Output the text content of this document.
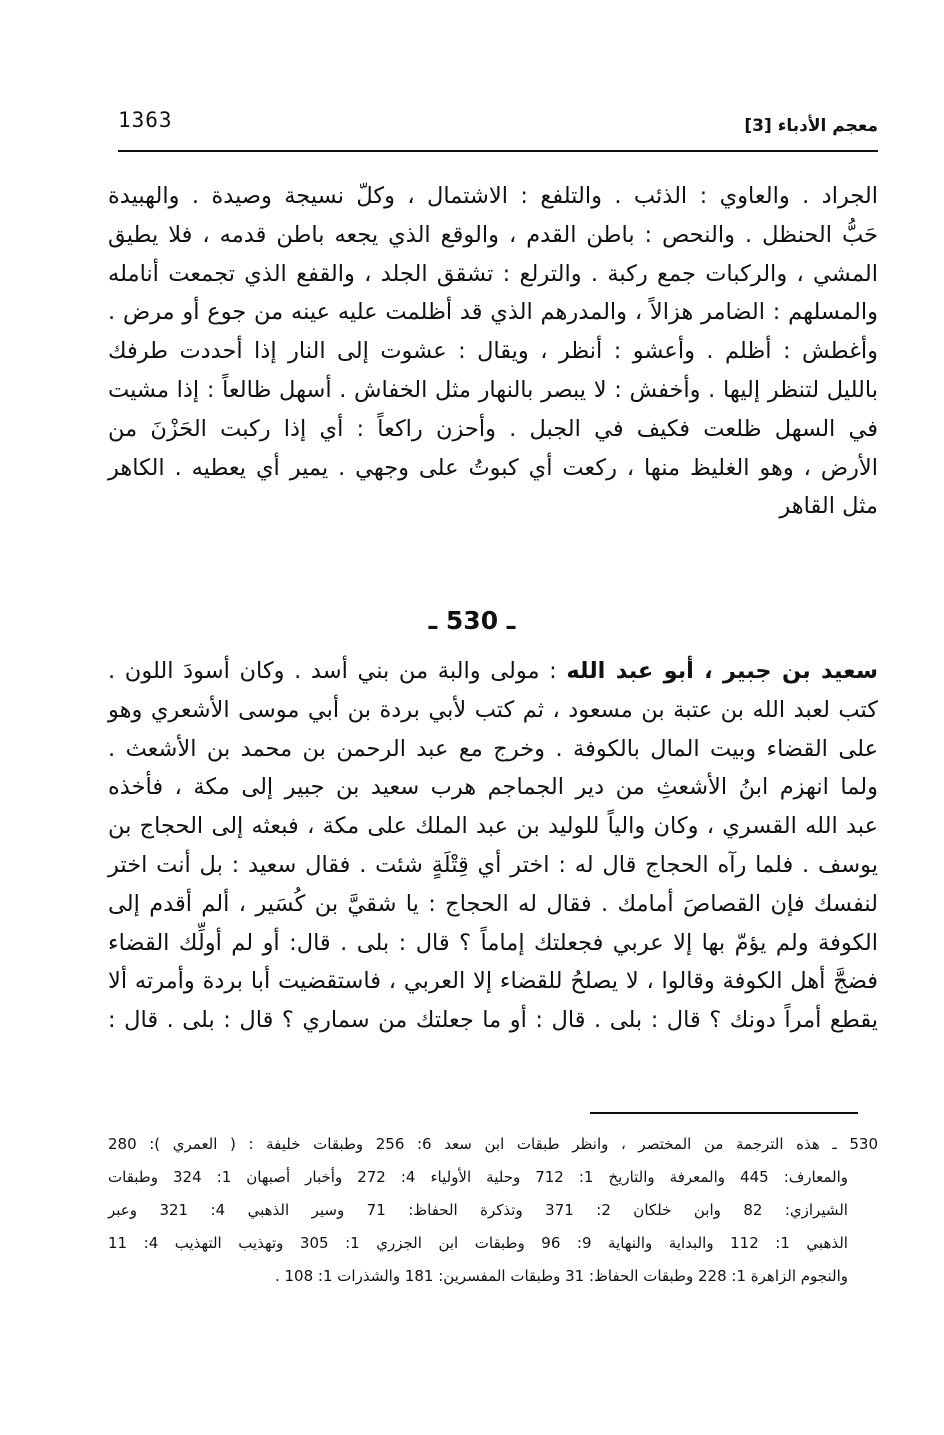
1363	معجم الأدباء [3]

الجراد . والعاوي : الذئب . والتلفع : الاشتمال ، وكلّ نسيجة وصيدة . والهبيدة
حَبُّ الحنظل . والنحص : باطن القدم ، والوقع الذي يجعه باطن قدمه ، فلا يطيق
المشي ، والركبات جمع ركبة . والترلع : تشقق الجلد ، والقفع الذي تجمعت أنامله
والمسلهم : الضامر هزالاً ، والمدرهم الذي قد أظلمت عليه عينه من جوع أو مرض .
وأغطش : أظلم . وأعشو : أنظر ، ويقال : عشوت إلى النار إذا أحددت طرفك
بالليل لتنظر إليها . وأخفش : لا يبصر بالنهار مثل الخفاش . أسهل ظالعاً : إذا مشيت
في السهل ظلعت فكيف في الجبل . وأحزن راكعاً : أي إذا ركبت الحَزْنَ من
الأرض ، وهو الغليظ منها ، ركعت أي كبوتُ على وجهي . يمير أي يعطيه . الكاهر
مثل القاهر

ـ 530 ـ

سعيد بن جبير ، أبو عبد الله : مولى والبة من بني أسد . وكان أسودَ اللون .
كتب لعبد الله بن عتبة بن مسعود ، ثم كتب لأبي بردة بن أبي موسى الأشعري وهو
على القضاء وبيت المال بالكوفة . وخرج مع عبد الرحمن بن محمد بن الأشعث .
ولما انهزم ابنُ الأشعثِ من دير الجماجم هرب سعيد بن جبير إلى مكة ، فأخذه
عبد الله القسري ، وكان والياً للوليد بن عبد الملك على مكة ، فبعثه إلى الحجاج بن
يوسف . فلما رآه الحجاج قال له : اختر أي قِتْلَةٍ شئت . فقال سعيد : بل أنت اختر
لنفسك فإن القصاصَ أمامك . فقال له الحجاج : يا شقيَّ بن كُسَير ، ألم أقدم إلى
الكوفة ولم يؤمّ بها إلا عربي فجعلتك إماماً ؟ قال : بلى . قال: أو لم أولِّك القضاء
فضجَّ أهل الكوفة وقالوا ، لا يصلحُ للقضاء إلا العربي ، فاستقضيت أبا بردة وأمرته ألا
يقطع أمراً دونك ؟ قال : بلى . قال : أو ما جعلتك من سماري ؟ قال : بلى . قال :

530 ـ هذه الترجمة من المختصر ، وانظر طبقات ابن سعد 6: 256 وطبقات خليفة : ( العمري ): 280
والمعارف: 445 والمعرفة والتاريخ 1: 712 وحلية الأولياء 4: 272 وأخبار أصبهان 1: 324 وطبقات
الشيرازي: 82 وابن خلكان 2: 371 وتذكرة الحفاظ: 71 وسير الذهبي 4: 321 وعبر
الذهبي 1: 112 والبداية والنهاية 9: 96 وطبقات ابن الجزري 1: 305 وتهذيب التهذيب 4: 11
والنجوم الزاهرة 1: 228 وطبقات الحفاظ: 31 وطبقات المفسرين: 181 والشذرات 1: 108 .
